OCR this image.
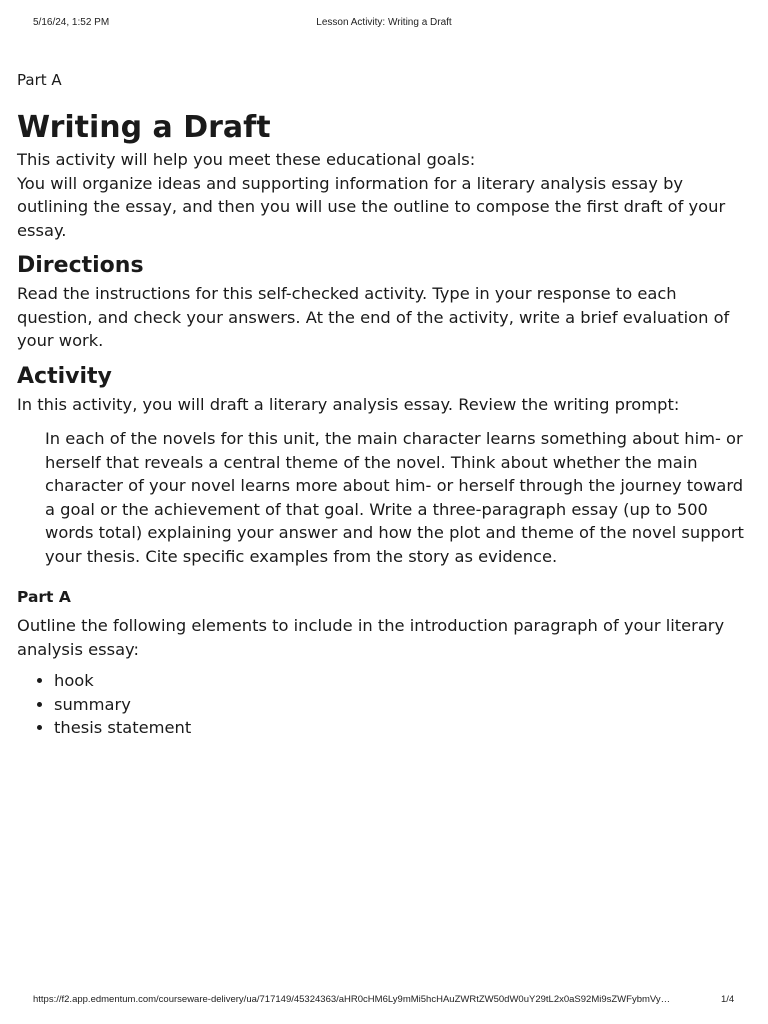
5/16/24, 1:52 PM	Lesson Activity: Writing a Draft
Part A
Writing a Draft

This activity will help you meet these educational goals:

You will organize ideas and supporting information for a literary analysis essay by outlining the essay, and then you will use the outline to compose the first draft of your essay.

Directions

Read the instructions for this self-checked activity. Type in your response to each question, and check your answers. At the end of the activity, write a brief evaluation of your work.

Activity

In this activity, you will draft a literary analysis essay. Review the writing prompt:

In each of the novels for this unit, the main character learns something about him- or herself that reveals a central theme of the novel. Think about whether the main character of your novel learns more about him- or herself through the journey toward a goal or the achievement of that goal. Write a three-paragraph essay (up to 500 words total) explaining your answer and how the plot and theme of the novel support your thesis. Cite specific examples from the story as evidence.
Part A

Outline the following elements to include in the introduction paragraph of your literary analysis essay:

• hook
• summary
• thesis statement
https://f2.app.edmentum.com/courseware-delivery/ua/717149/45324363/aHR0cHM6Ly9mMi5hcHAuZWRtZW50dW0uY29tL2x0aS92Mi9sZWFybmVy…	1/4
